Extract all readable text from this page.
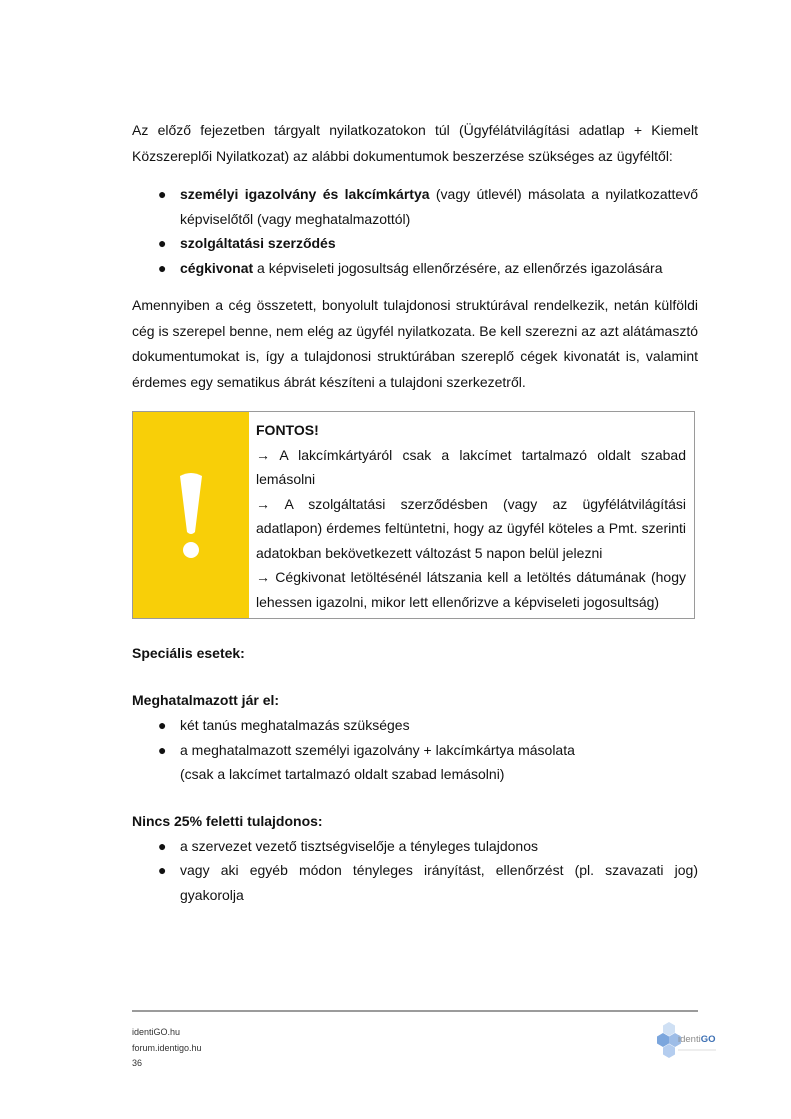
Az előző fejezetben tárgyalt nyilatkozatokon túl (Ügyfélátvilágítási adatlap + Kiemelt Közszereplői Nyilatkozat) az alábbi dokumentumok beszerzése szükséges az ügyféltől:

● személyi igazolvány és lakcímkártya (vagy útlevél) másolata a nyilatkozattevő képviselőtől (vagy meghatalmazottól)
● szolgáltatási szerződés
● cégkivonat a képviseleti jogosultság ellenőrzésére, az ellenőrzés igazolására

Amennyiben a cég összetett, bonyolult tulajdonosi struktúrával rendelkezik, netán külföldi cég is szerepel benne, nem elég az ügyfél nyilatkozata. Be kell szerezni az azt alátámasztó dokumentumokat is, így a tulajdonosi struktúrában szereplő cégek kivonatát is, valamint érdemes egy sematikus ábrát készíteni a tulajdoni szerkezetről.

FONTOS!
→ A lakcímkártyáról csak a lakcímet tartalmazó oldalt szabad lemásolni
→ A szolgáltatási szerződésben (vagy az ügyfélátvilágítási adatlapon) érdemes feltüntetni, hogy az ügyfél köteles a Pmt. szerinti adatokban bekövetkezett változást 5 napon belül jelezni
→ Cégkivonat letöltésénél látszania kell a letöltés dátumának (hogy lehessen igazolni, mikor lett ellenőrizve a képviseleti jogosultság)
Speciális esetek:
Meghatalmazott jár el:
● két tanús meghatalmazás szükséges
● a meghatalmazott személyi igazolvány + lakcímkártya másolata
(csak a lakcímet tartalmazó oldalt szabad lemásolni)
Nincs 25% feletti tulajdonos:
● a szervezet vezető tisztségviselője a tényleges tulajdonos
● vagy aki egyéb módon tényleges irányítást, ellenőrzést (pl. szavazati jog) gyakorolja
identiGO.hu
forum.identigo.hu
36
identiGO
